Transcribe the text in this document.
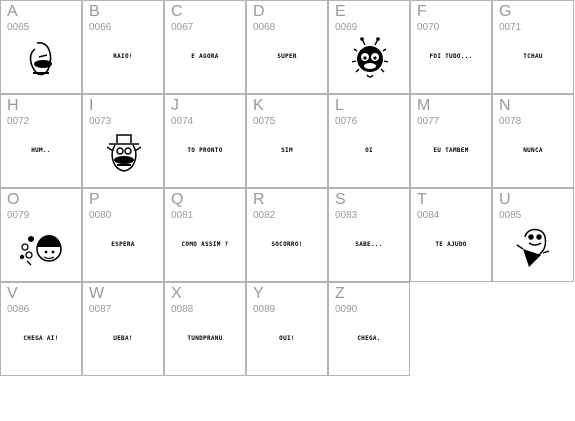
A
0065
B
0066
RAIO!
C
0067
E AGORA
D
0068
SUPER
E
0069
F
0070
FOI TUDO...
G
0071
TCHAU
H
0072
HUM..
I
0073
J
0074
TÔ PRONTO
K
0075
SIM
L
0076
OI
M
0077
EU TAMBÉM
N
0078
NUNCA
O
0079
P
0080
ESPERA
Q
0081
COMO ASSIM ?
R
0082
SOCORRO!
S
0083
SABE...
T
0084
TE AJUDO
U
0085
V
0086
CHEGA AÍ!
W
0087
UEBA!
X
0088
TUNDPRANU
Y
0089
OUI!
Z
0090
CHEGA.
